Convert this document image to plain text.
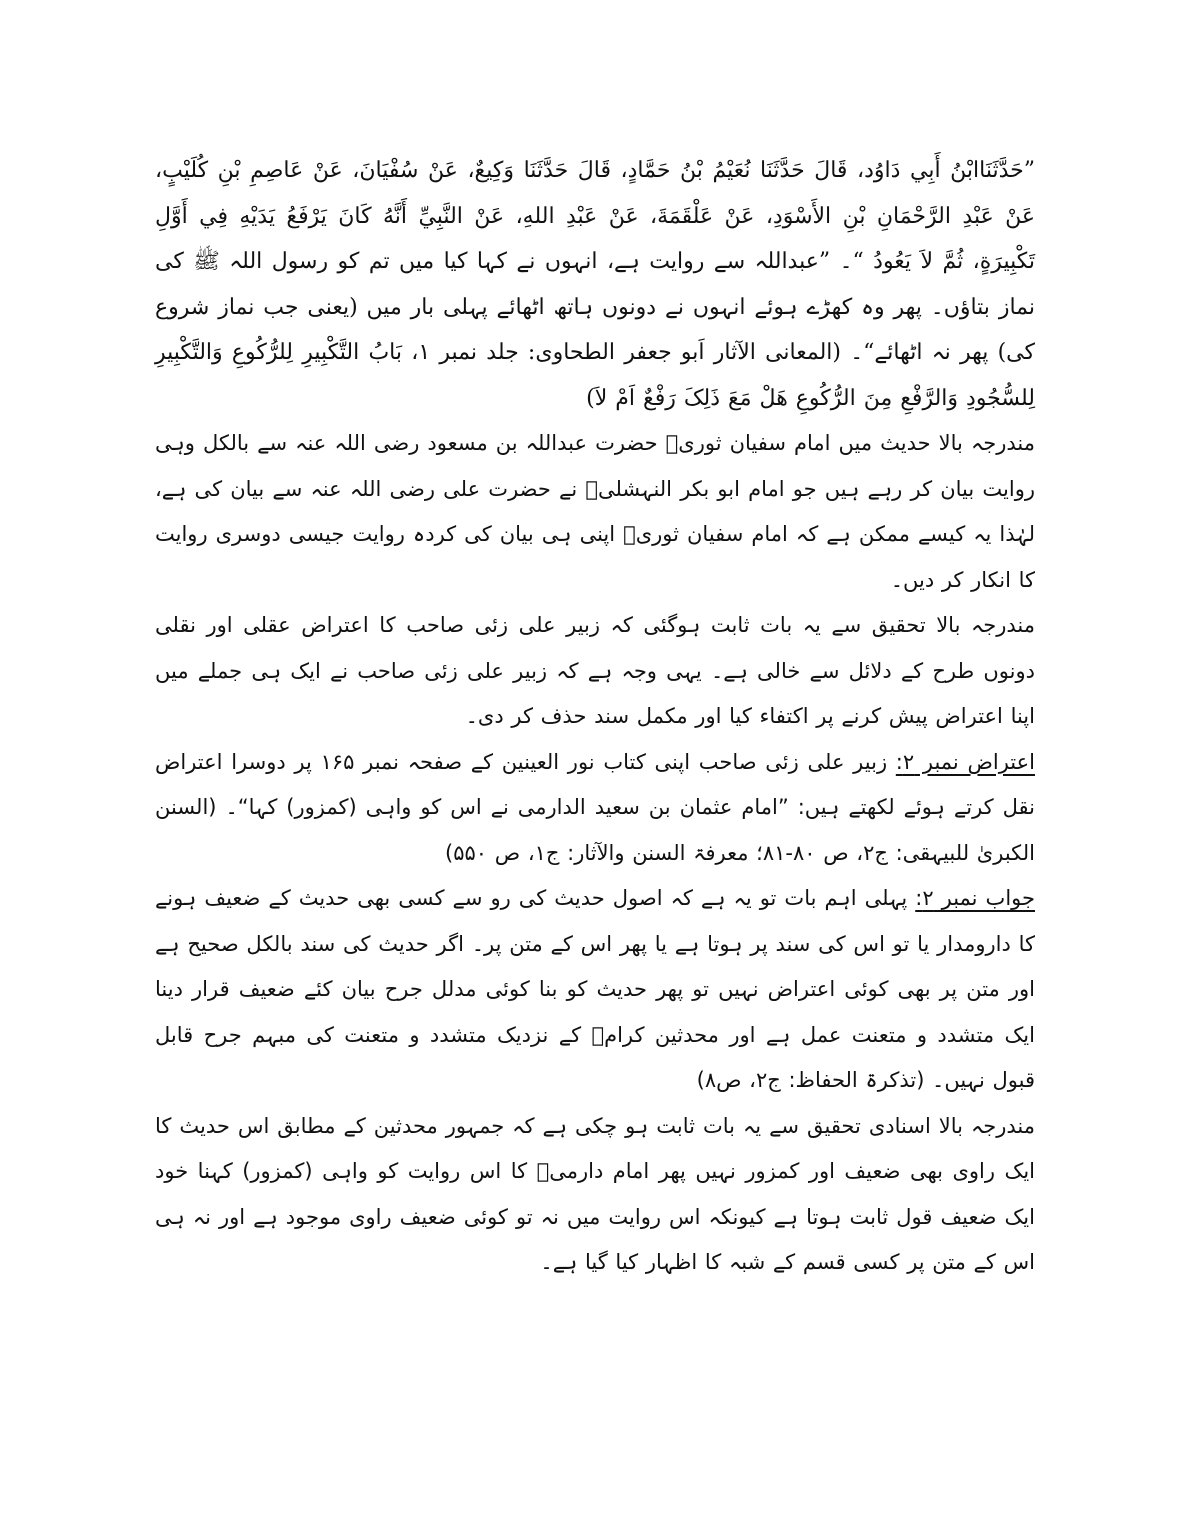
”حَدَّثَنَاابْنُ أَبِي دَاوُد، قَالَ حَدَّثَنَا نُعَيْمُ بْنُ حَمَّادٍ، قَالَ حَدَّثَنَا وَكِيعٌ، عَنْ سُفْيَانَ، عَنْ عَاصِمِ بْنِ كُلَيْبٍ، عَنْ عَبْدِ الرَّحْمَانِ بْنِ الأَسْوَدِ، عَنْ عَلْقَمَةَ، عَنْ عَبْدِ اللهِ، عَنْ النَّبِيِّ أَنَّهُ كَانَ يَرْفَعُ يَدَيْهِ فِي أَوَّلِ تَكْبِيرَةٍ، ثُمَّ لاَ يَعُودُ “۔ ”عبداللہ سے روایت ہے، انہوں نے کہا کیا میں تم کو رسول اللہ ﷺ کی نماز بتاؤں۔ پھر وہ کھڑے ہوئے انہوں نے دونوں ہاتھ اٹھائے پہلی بار میں (یعنی جب نماز شروع کی) پھر نہ اٹھائے“۔ (المعانی الآثار اَبو جعفر الطحاوی: جلد نمبر ۱، بَابُ التَّکْبِیرِ لِلرُّکُوعِ وَالتَّکْبِیرِ لِلسُّجُودِ وَالرَّفْعِ مِنَ الرُّکُوعِ هَلْ مَعَ ذَلِکَ رَفْعٌ اَمْ لاَ)

مندرجہ بالا حدیث میں امام سفیان ثوریؒ حضرت عبداللہ بن مسعود رضی اللہ عنہ سے بالکل وہی روایت بیان کر رہے ہیں جو امام ابو بکر النہشلیؒ نے حضرت علی رضی اللہ عنہ سے بیان کی ہے، لہٰذا یہ کیسے ممکن ہے کہ امام سفیان ثوریؒ اپنی ہی بیان کی کردہ روایت جیسی دوسری روایت کا انکار کر دیں۔

مندرجہ بالا تحقیق سے یہ بات ثابت ہوگئی کہ زبیر علی زئی صاحب کا اعتراض عقلی اور نقلی دونوں طرح کے دلائل سے خالی ہے۔ یہی وجہ ہے کہ زبیر علی زئی صاحب نے ایک ہی جملے میں اپنا اعتراض پیش کرنے پر اکتفاء کیا اور مکمل سند حذف کر دی۔

اعتراض نمبر ۲: زبیر علی زئی صاحب اپنی کتاب نور العینین کے صفحہ نمبر ۱۶۵ پر دوسرا اعتراض نقل کرتے ہوئے لکھتے ہیں: ”امام عثمان بن سعید الدارمی نے اس کو واہی (کمزور) کہا“۔ (السنن الکبریٰ للبیہقی: ج۲، ص ۸۰-۸۱؛ معرفۃ السنن والآثار: ج۱، ص ۵۵۰)

جواب نمبر ۲: پہلی اہم بات تو یہ ہے کہ اصول حدیث کی رو سے کسی بھی حدیث کے ضعیف ہونے کا دارومدار یا تو اس کی سند پر ہوتا ہے یا پھر اس کے متن پر۔ اگر حدیث کی سند بالکل صحیح ہے اور متن پر بھی کوئی اعتراض نہیں تو پھر حدیث کو بنا کوئی مدلل جرح بیان کئے ضعیف قرار دینا ایک متشدد و متعنت عمل ہے اور محدثین کرامؒ کے نزدیک متشدد و متعنت کی مبہم جرح قابل قبول نہیں۔ (تذکرۃ الحفاظ: ج۲، ص۸)

مندرجہ بالا اسنادی تحقیق سے یہ بات ثابت ہو چکی ہے کہ جمہور محدثین کے مطابق اس حدیث کا ایک راوی بھی ضعیف اور کمزور نہیں پھر امام دارمیؒ کا اس روایت کو واہی (کمزور) کہنا خود ایک ضعیف قول ثابت ہوتا ہے کیونکہ اس روایت میں نہ تو کوئی ضعیف راوی موجود ہے اور نہ ہی اس کے متن پر کسی قسم کے شبہ کا اظہار کیا گیا ہے۔
